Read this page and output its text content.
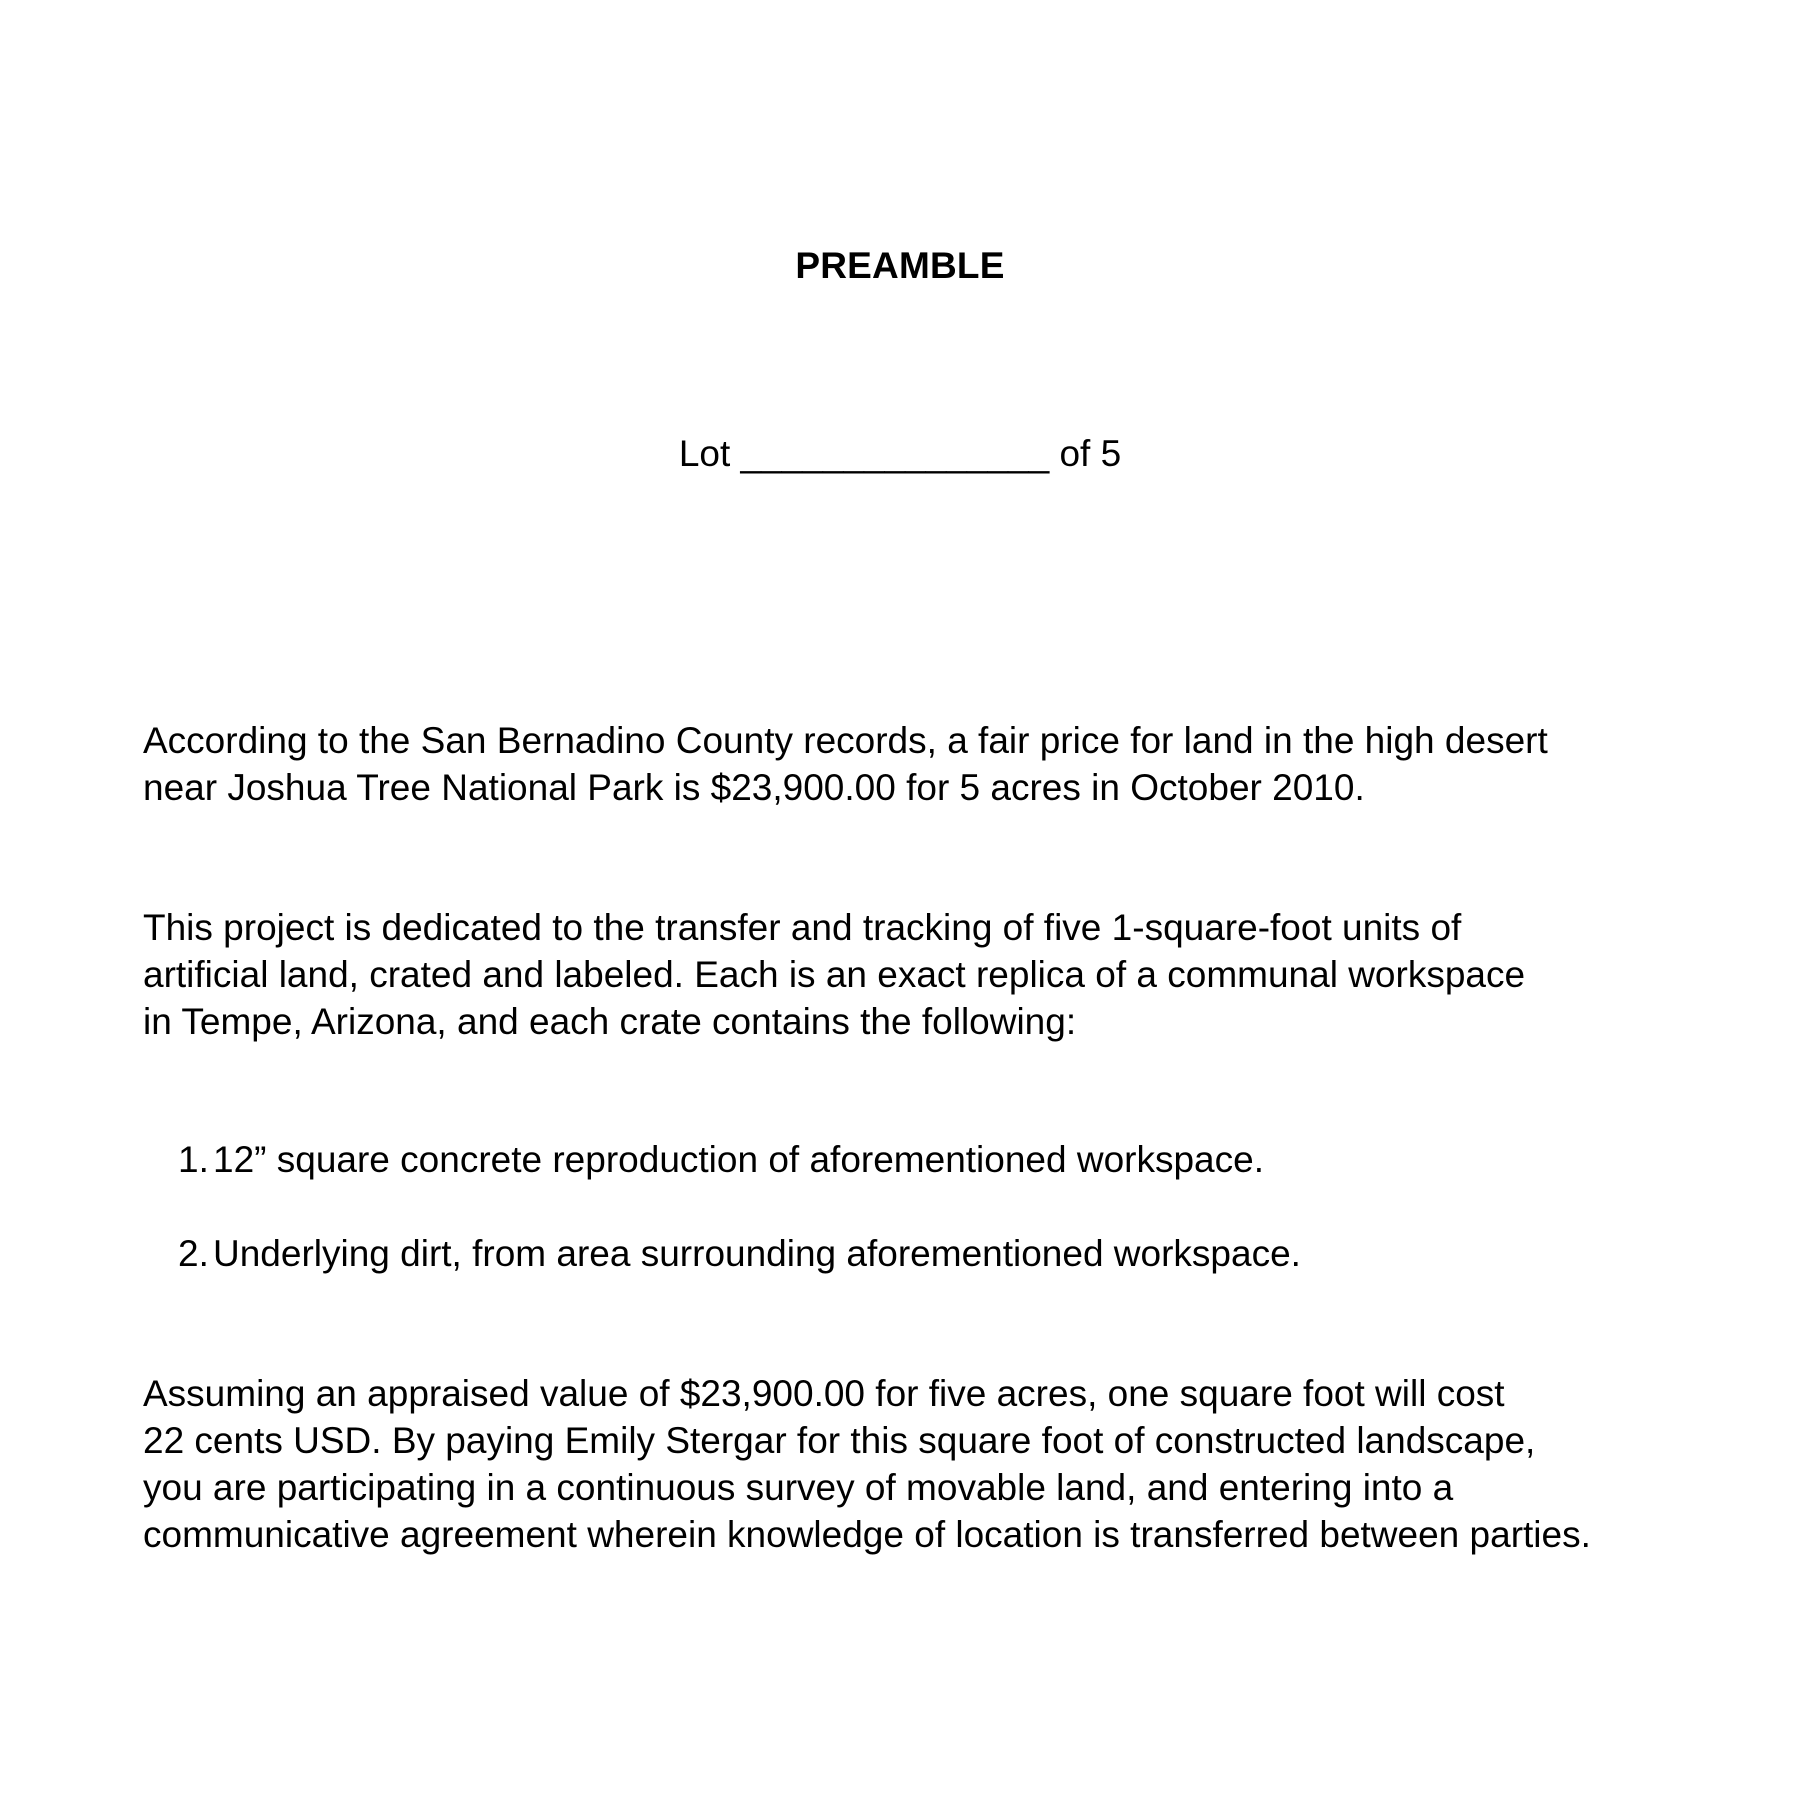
PREAMBLE
Lot _______________ of 5
According to the San Bernadino County records, a fair price for land in the high desert
near Joshua Tree National Park is $23,900.00 for 5 acres in October 2010.
This project is dedicated to the transfer and tracking of five 1-square-foot units of
artificial land, crated and labeled. Each is an exact replica of a communal workspace
in Tempe, Arizona, and each crate contains the following:
1. 12” square concrete reproduction of aforementioned workspace.
2. Underlying dirt, from area surrounding aforementioned workspace.
Assuming an appraised value of $23,900.00 for five acres, one square foot will cost
22 cents USD. By paying Emily Stergar for this square foot of constructed landscape,
you are participating in a continuous survey of movable land, and entering into a
communicative agreement wherein knowledge of location is transferred between parties.
